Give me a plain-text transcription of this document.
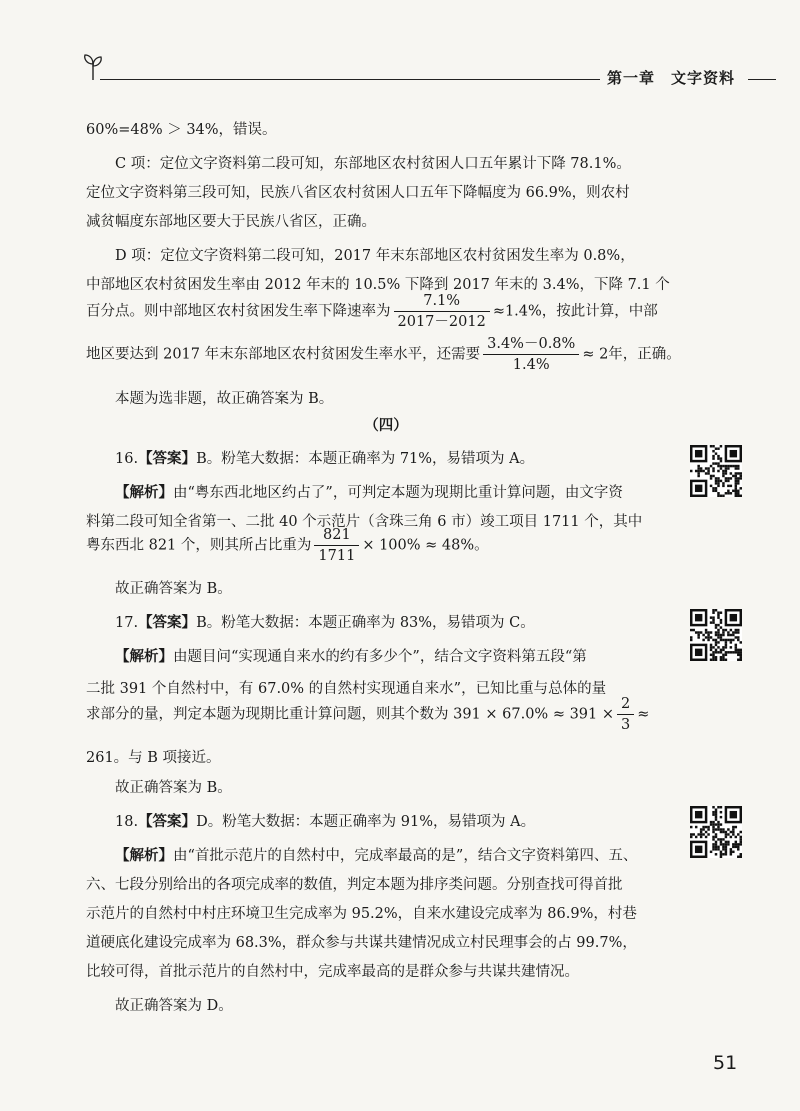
第一章　文字资料
60%=48% ＞ 34%，错误。
C 项：定位文字资料第二段可知，东部地区农村贫困人口五年累计下降 78.1%。
定位文字资料第三段可知，民族八省区农村贫困人口五年下降幅度为 66.9%，则农村
减贫幅度东部地区要大于民族八省区，正确。
D 项：定位文字资料第二段可知，2017 年末东部地区农村贫困发生率为 0.8%，
中部地区农村贫困发生率由 2012 年末的 10.5% 下降到 2017 年末的 3.4%，下降 7.1 个
百分点。则中部地区农村贫困发生率下降速率为 $\frac{7.1\%}{2017-2012} \approx 1.4\%$，按此计算，中部
地区要达到 2017 年末东部地区农村贫困发生率水平，还需要 $\frac{3.4\%-0.8\%}{1.4\%} \approx 2$年，正确。
本题为选非题，故正确答案为 B。
（四）
16.【答案】B。粉笔大数据：本题正确率为 71%，易错项为 A。
【解析】由“粤东西北地区约占了”，可判定本题为现期比重计算问题，由文字资
料第二段可知全省第一、二批 40 个示范片（含珠三角 6 市）竣工项目 1711 个，其中
粤东西北 821 个，则其所占比重为 $\frac{821}{1711} \times 100\% \approx 48\%$。
故正确答案为 B。
17.【答案】B。粉笔大数据：本题正确率为 83%，易错项为 C。
【解析】由题目问“实现通自来水的约有多少个”，结合文字资料第五段“第
二批 391 个自然村中，有 67.0% 的自然村实现通自来水”，已知比重与总体的量
求部分的量，判定本题为现期比重计算问题，则其个数为 $391 \times 67.0\% \approx 391 \times \frac{2}{3}$ ≈
261。与 B 项接近。
故正确答案为 B。
18.【答案】D。粉笔大数据：本题正确率为 91%，易错项为 A。
【解析】由“首批示范片的自然村中，完成率最高的是”，结合文字资料第四、五、
六、七段分别给出的各项完成率的数值，判定本题为排序类问题。分别查找可得首批
示范片的自然村中村庄环境卫生完成率为 95.2%，自来水建设完成率为 86.9%，村巷
道硬底化建设完成率为 68.3%，群众参与共谋共建情况成立村民理事会的占 99.7%，
比较可得，首批示范片的自然村中，完成率最高的是群众参与共谋共建情况。
故正确答案为 D。
51
